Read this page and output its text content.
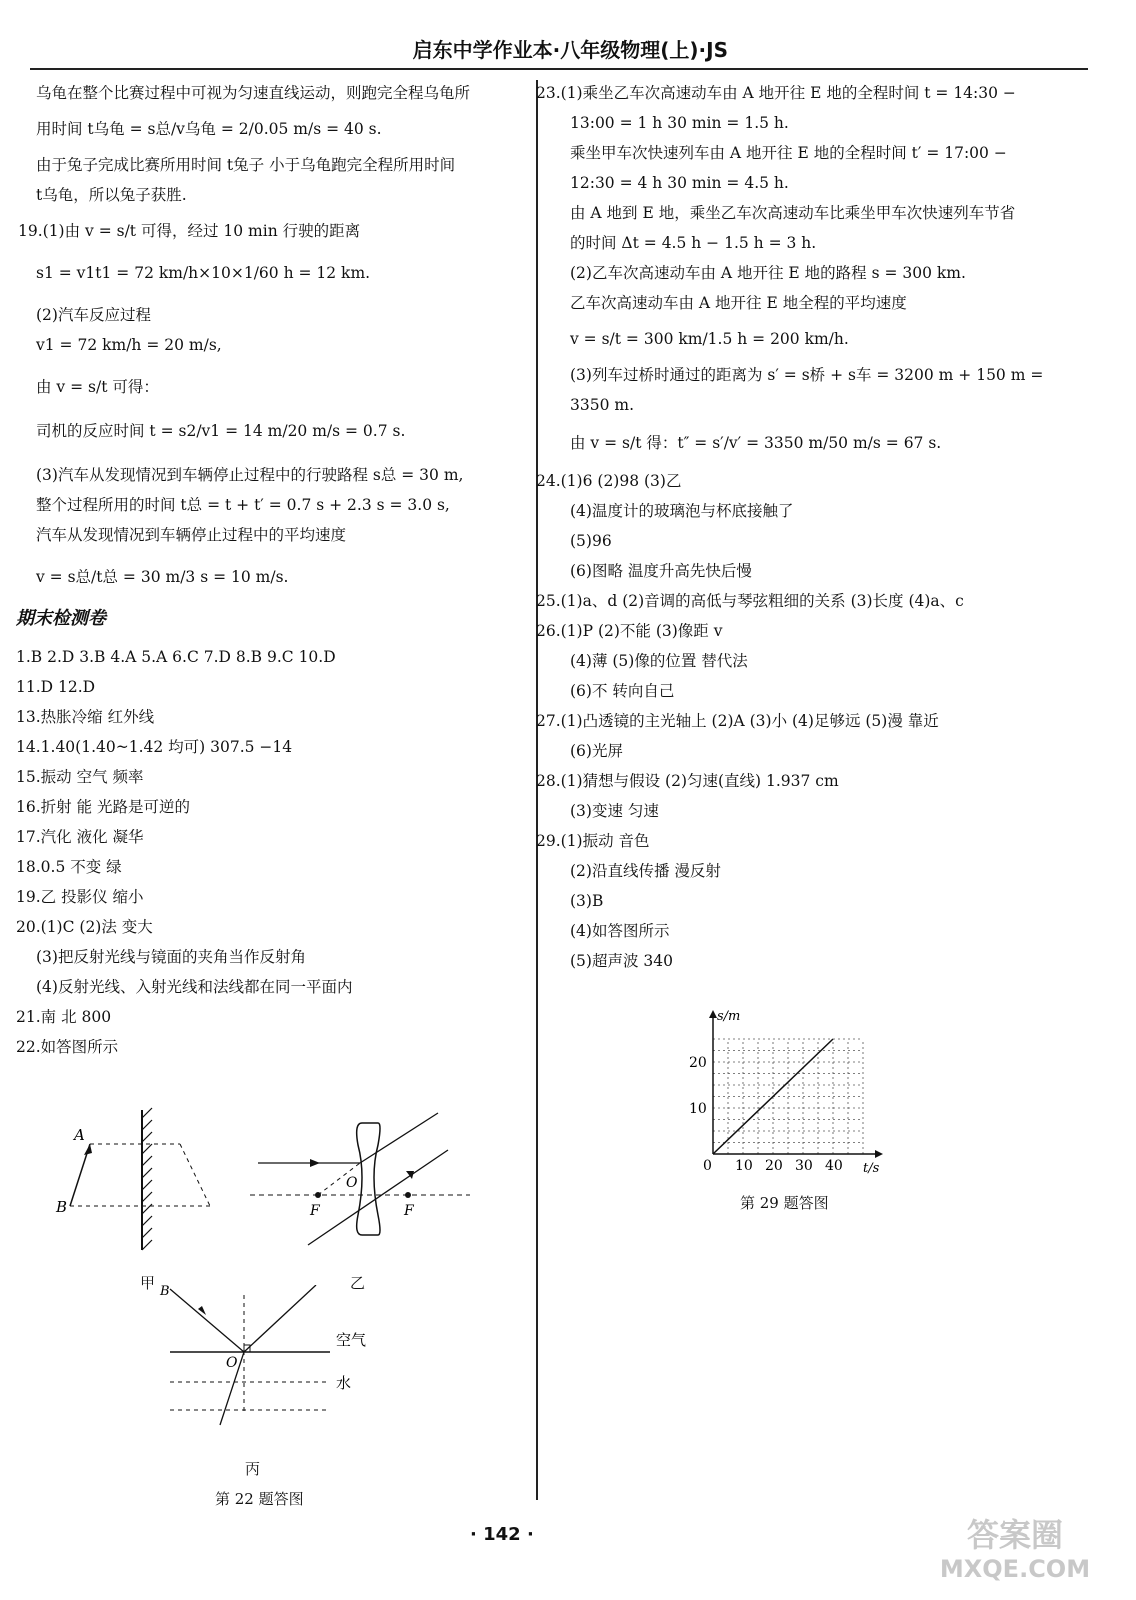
启东中学作业本·八年级物理(上)·JS
乌龟在整个比赛过程中可视为匀速直线运动，则跑完全程乌龟所
用时间 t乌龟 = s总/v乌龟 = 2/0.05 m/s = 40 s.
由于兔子完成比赛所用时间 t兔子 小于乌龟跑完全程所用时间
t乌龟，所以兔子获胜.
19.(1)由 v = s/t 可得，经过 10 min 行驶的距离
s1 = v1t1 = 72 km/h×10×1/60 h = 12 km.
(2)汽车反应过程
v1 = 72 km/h = 20 m/s,
由 v = s/t 可得：
司机的反应时间 t = s2/v1 = 14 m/20 m/s = 0.7 s.
(3)汽车从发现情况到车辆停止过程中的行驶路程 s总 = 30 m,
整个过程所用的时间 t总 = t + t′ = 0.7 s + 2.3 s = 3.0 s,
汽车从发现情况到车辆停止过程中的平均速度
v = s总/t总 = 30 m/3 s = 10 m/s.
期末检测卷
1.B 2.D 3.B 4.A 5.A 6.C 7.D 8.B 9.C 10.D
11.D 12.D
13.热胀冷缩 红外线
14.1.40(1.40~1.42 均可) 307.5 −14
15.振动 空气 频率
16.折射 能 光路是可逆的
17.汽化 液化 凝华
18.0.5 不变 绿
19.乙 投影仪 缩小
20.(1)C (2)法 变大
(3)把反射光线与镜面的夹角当作反射角
(4)反射光线、入射光线和法线都在同一平面内
21.南 北 800
22.如答图所示
23.(1)乘坐乙车次高速动车由 A 地开往 E 地的全程时间 t = 14:30 −
13:00 = 1 h 30 min = 1.5 h.
乘坐甲车次快速列车由 A 地开往 E 地的全程时间 t′ = 17:00 −
12:30 = 4 h 30 min = 4.5 h.
由 A 地到 E 地，乘坐乙车次高速动车比乘坐甲车次快速列车节省
的时间 Δt = 4.5 h − 1.5 h = 3 h.
(2)乙车次高速动车由 A 地开往 E 地的路程 s = 300 km.
乙车次高速动车由 A 地开往 E 地全程的平均速度
v = s/t = 300 km/1.5 h = 200 km/h.
(3)列车过桥时通过的距离为 s′ = s桥 + s车 = 3200 m + 150 m =
3350 m.
由 v = s/t 得：t″ = s′/v′ = 3350 m/50 m/s = 67 s.
24.(1)6 (2)98 (3)乙
(4)温度计的玻璃泡与杯底接触了
(5)96
(6)图略 温度升高先快后慢
25.(1)a、d (2)音调的高低与琴弦粗细的关系 (3)长度 (4)a、c
26.(1)P (2)不能 (3)像距 v
(4)薄 (5)像的位置 替代法
(6)不 转向自己
27.(1)凸透镜的主光轴上 (2)A (3)小 (4)足够远 (5)漫 靠近
(6)光屏
28.(1)猜想与假设 (2)匀速(直线) 1.937 cm
(3)变速 匀速
29.(1)振动 音色
(2)沿直线传播 漫反射
(3)B
(4)如答图所示
(5)超声波 340
A
B
甲
F	F
O
乙
B
O
空气
水
丙
第 22 题答图
10 20 30 40
10
20
s/m
t/s
0
第 29 题答图
· 142 ·	答案圈
MXQE.COM
